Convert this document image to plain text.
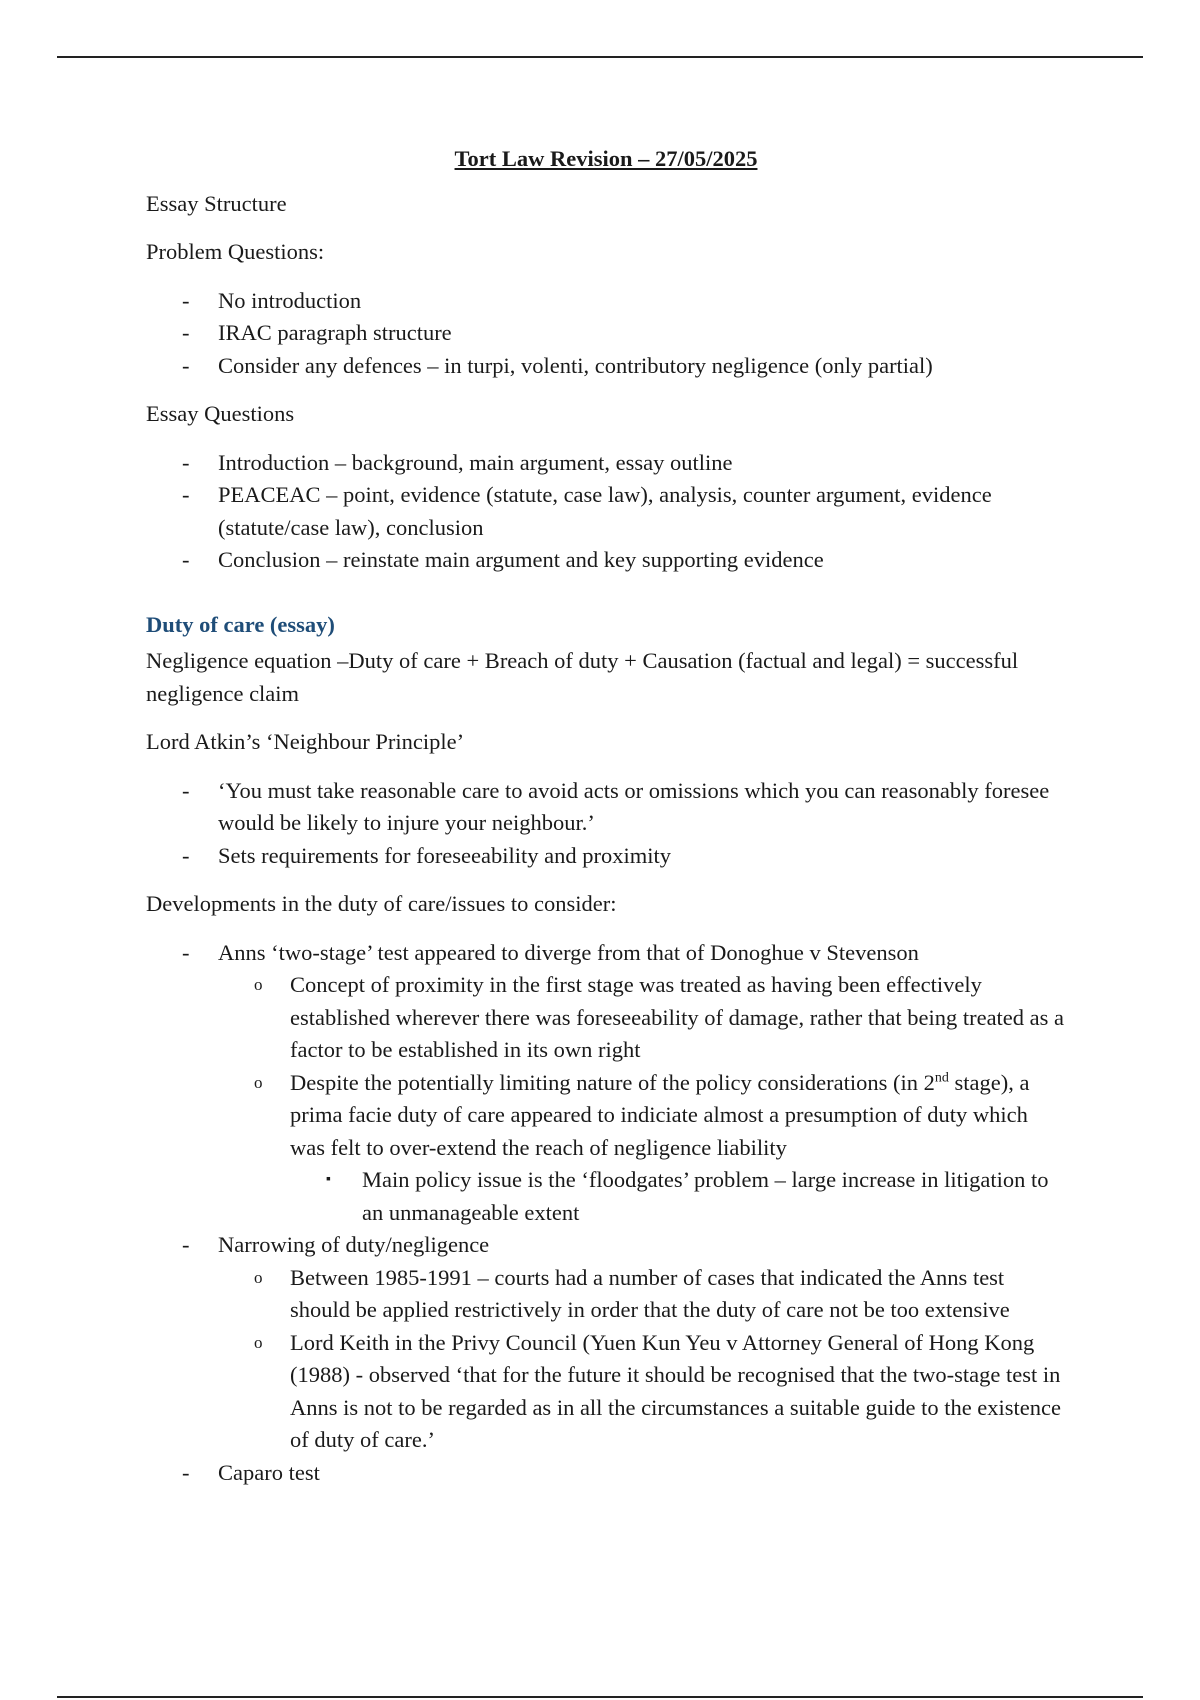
Tort Law Revision – 27/05/2025

Essay Structure

Problem Questions:

- No introduction
- IRAC paragraph structure
- Consider any defences – in turpi, volenti, contributory negligence (only partial)

Essay Questions

- Introduction – background, main argument, essay outline
- PEACEAC – point, evidence (statute, case law), analysis, counter argument, evidence (statute/case law), conclusion
- Conclusion – reinstate main argument and key supporting evidence
Duty of care (essay)

Negligence equation –Duty of care + Breach of duty + Causation (factual and legal) = successful negligence claim

Lord Atkin’s ‘Neighbour Principle’

- ‘You must take reasonable care to avoid acts or omissions which you can reasonably foresee would be likely to injure your neighbour.’
- Sets requirements for foreseeability and proximity

Developments in the duty of care/issues to consider:

- Anns ‘two-stage’ test appeared to diverge from that of Donoghue v Stevenson
o Concept of proximity in the first stage was treated as having been effectively established wherever there was foreseeability of damage, rather that being treated as a factor to be established in its own right
o Despite the potentially limiting nature of the policy considerations (in 2nd stage), a prima facie duty of care appeared to indiciate almost a presumption of duty which was felt to over-extend the reach of negligence liability
▪ Main policy issue is the ‘floodgates’ problem – large increase in litigation to an unmanageable extent
- Narrowing of duty/negligence
o Between 1985-1991 – courts had a number of cases that indicated the Anns test should be applied restrictively in order that the duty of care not be too extensive
o Lord Keith in the Privy Council (Yuen Kun Yeu v Attorney General of Hong Kong (1988) - observed ‘that for the future it should be recognised that the two-stage test in Anns is not to be regarded as in all the circumstances a suitable guide to the existence of duty of care.’
- Caparo test
